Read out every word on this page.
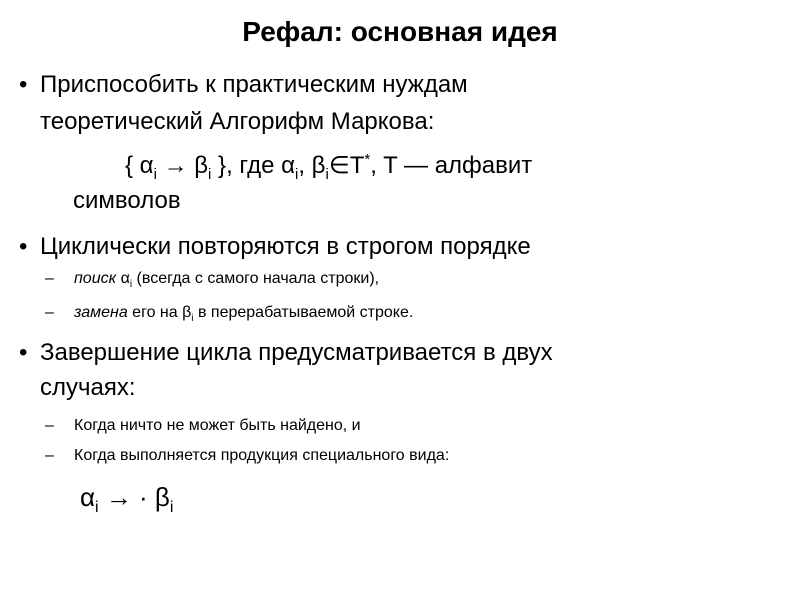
Рефал: основная идея
• Приспособить к практическим нуждам
теоретический Алгорифм Маркова:
{ $\alpha_i \to \beta_i$ }, где $\alpha_i$, $\beta_i\in T^*$, T — алфавит
символов
• Циклически повторяются в строгом порядке
– поиск $\alpha_i$ (всегда с самого начала строки),
– замена его на $\beta_i$ в перерабатываемой строке.
• Завершение цикла предусматривается в двух
случаях:
– Когда ничто не может быть найдено, и
– Когда выполняется продукция специального вида:
$\alpha_i$ → · $\beta_i$
